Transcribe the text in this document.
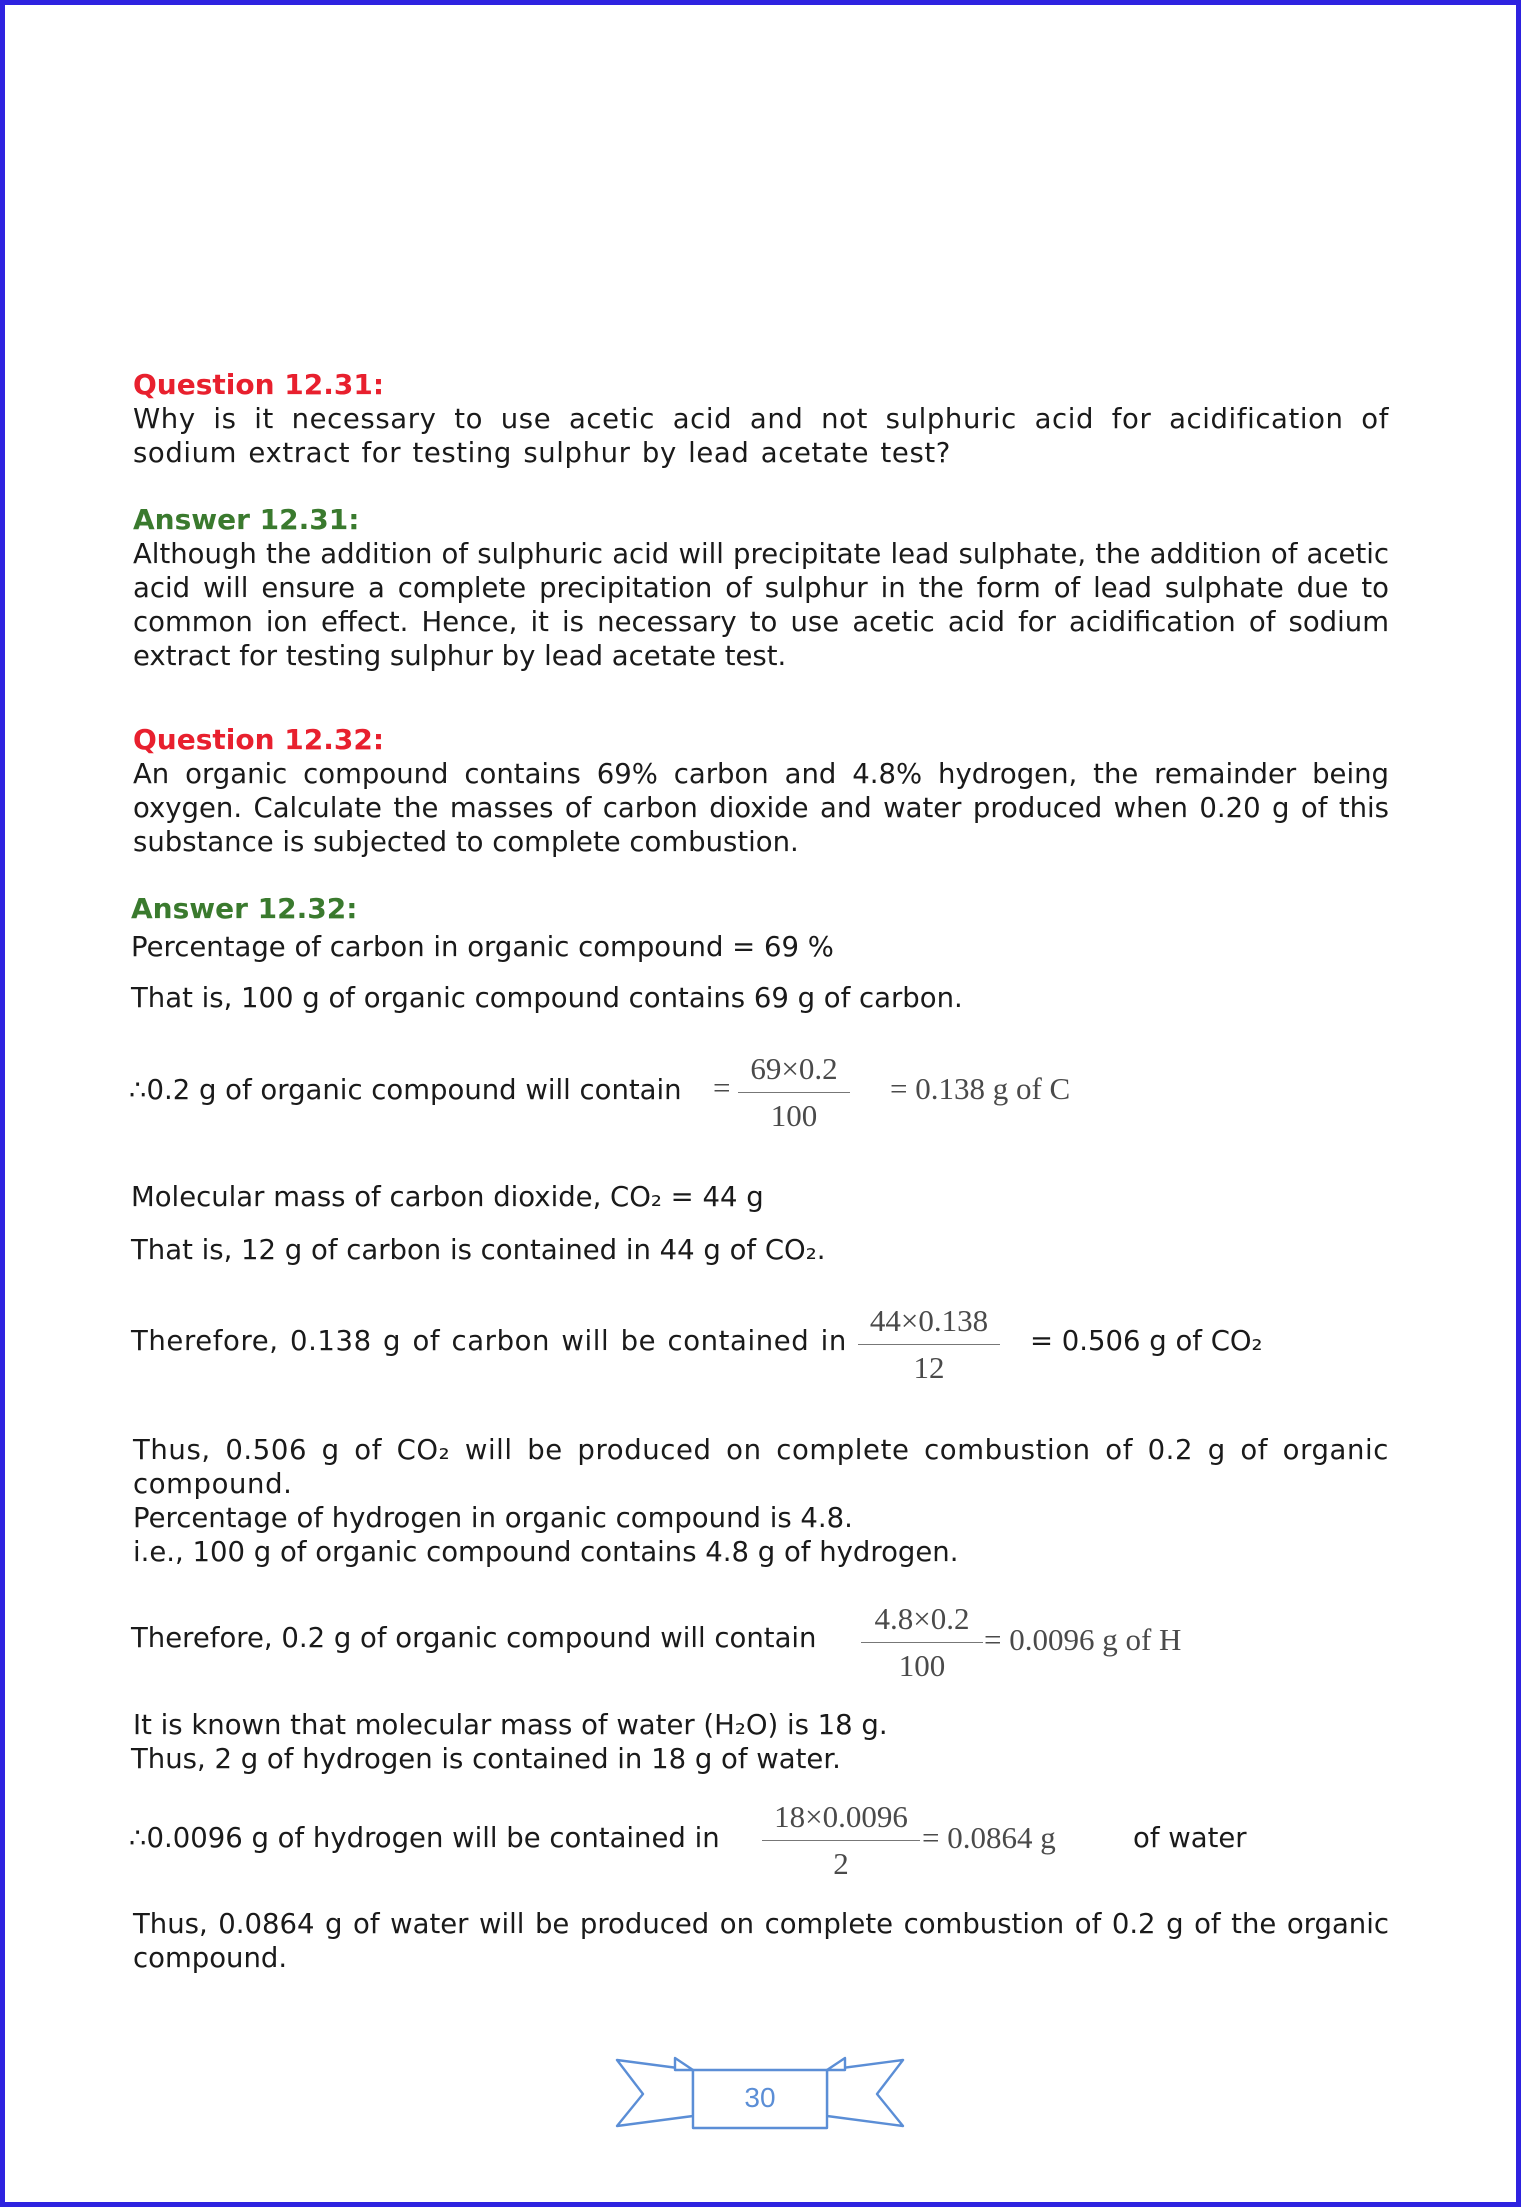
Question 12.31:

Why is it necessary to use acetic acid and not sulphuric acid for acidification of sodium extract for testing sulphur by lead acetate test?

Answer 12.31:

Although the addition of sulphuric acid will precipitate lead sulphate, the addition of acetic acid will ensure a complete precipitation of sulphur in the form of lead sulphate due to common ion effect. Hence, it is necessary to use acetic acid for acidification of sodium extract for testing sulphur by lead acetate test.

Question 12.32:

An organic compound contains 69% carbon and 4.8% hydrogen, the remainder being oxygen. Calculate the masses of carbon dioxide and water produced when 0.20 g of this substance is subjected to complete combustion.

Answer 12.32:
Percentage of carbon in organic compound = 69 %
That is, 100 g of organic compound contains 69 g of carbon.
∴0.2 g of organic compound will contain =
69×0.2
100
= 0.138 g of C
Molecular mass of carbon dioxide, CO₂ = 44 g
That is, 12 g of carbon is contained in 44 g of CO₂.
Therefore, 0.138 g of carbon will be contained in
44×0.138
12
= 0.506 g of CO₂

Thus, 0.506 g of CO₂ will be produced on complete combustion of 0.2 g of organic compound.

Percentage of hydrogen in organic compound is 4.8.
i.e., 100 g of organic compound contains 4.8 g of hydrogen.
Therefore, 0.2 g of organic compound will contain
4.8×0.2
100
= 0.0096 g of H
It is known that molecular mass of water (H₂O) is 18 g.
Thus, 2 g of hydrogen is contained in 18 g of water.
∴0.0096 g of hydrogen will be contained in
18×0.0096
2
= 0.0864 g	of water

Thus, 0.0864 g of water will be produced on complete combustion of 0.2 g of the organic compound.

30
